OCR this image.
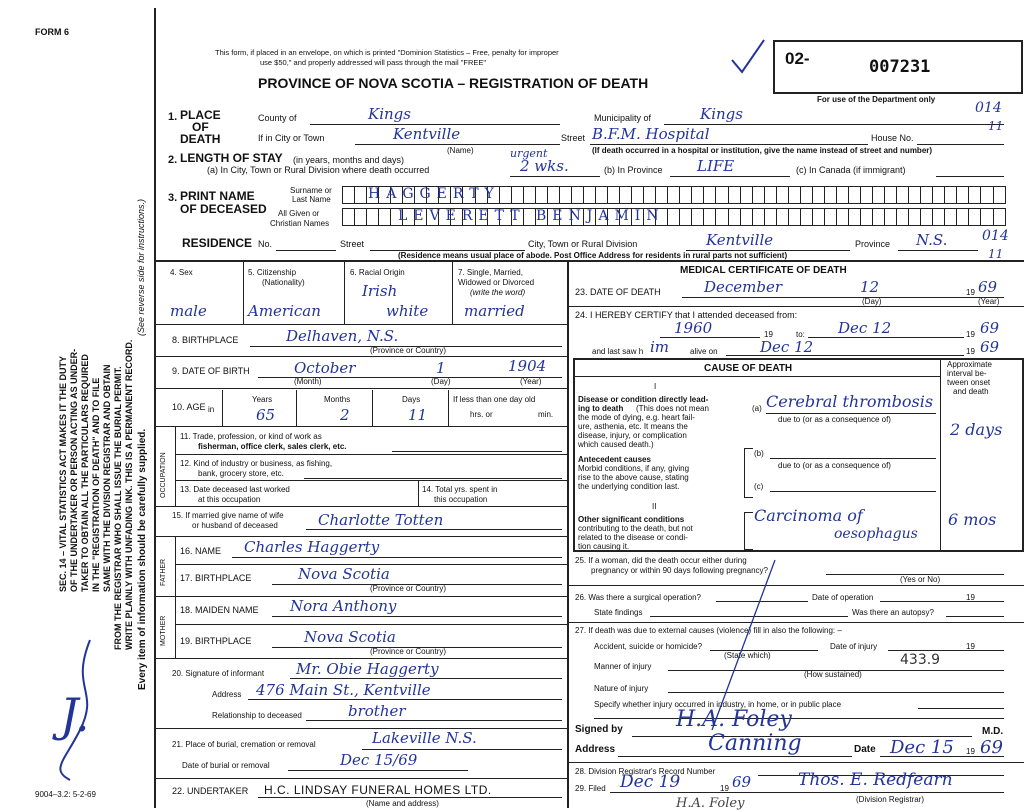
FORM 6
This form, if placed in an envelope, on which is printed "Dominion Statistics – Free, penalty for improper
use $50," and properly addressed will pass through the mail "FREE"
PROVINCE OF NOVA SCOTIA – REGISTRATION OF DEATH
02-	007231
For use of the Department only
014
11
1. PLACE
OF
DEATH
County of	Kings	Municipality of	Kings
If in City or Town	Kentville
(Name)
Street B.F.M. Hospital	House No.
(If death occurred in a hospital or institution, give the name instead of street and number)
2. LENGTH OF STAY (in years, months and days)
(a) In City, Town or Rural Division where death occurred
urgent
2 wks.	(b) In Province LIFE	(c) In Canada (if immigrant)
3. PRINT NAME
OF DECEASED
Surname or
Last Name
All Given or
Christian Names
HAGGERTY
LEVERETT BENJAMIN
RESIDENCE No.	Street	City, Town or Rural Division	Kentville	Province N.S. 014
11
(Residence means usual place of abode. Post Office Address for residents in rural parts not sufficient)
4. Sex
male
5. Citizenship
(Nationality)
American
6. Racial Origin
Irish
white
7. Single, Married,
Widowed or Divorced
(write the word)
married
8. BIRTHPLACE	Delhaven, N.S.
(Province or Country)
9. DATE OF BIRTH	October	1	1904
(Month)	(Day)	(Year)
10. AGE in
Years
65
Months
2
Days
11
If less than one day old
hrs. or	min.
OCCUPATION
11. Trade, profession, or kind of work as
fisherman, office clerk, sales clerk, etc.
12. Kind of industry or business, as fishing,
bank, grocery store, etc.
13. Date deceased last worked
at this occupation
14. Total yrs. spent in
this occupation
15. If married give name of wife
or husband of deceased	Charlotte Totten
FATHER
16. NAME Charles Haggerty
17. BIRTHPLACE	Nova Scotia
(Province or Country)
MOTHER
18. MAIDEN NAME Nora Anthony
19. BIRTHPLACE	Nova Scotia
(Province or Country)
20. Signature of informant Mr. Obie Haggerty
Address 476 Main St., Kentville
Relationship to deceased	brother
21. Place of burial, cremation or removal	Lakeville N.S.
Date of burial or removal	Dec 15/69
22. UNDERTAKER H.C. LINDSAY FUNERAL HOMES LTD.
(Name and address)
MEDICAL CERTIFICATE OF DEATH
23. DATE OF DEATH	December	12	19 69
(Day)	(Year)
24. I HEREBY CERTIFY that I attended deceased from:
1960	19	to: Dec 12	19 69
and last saw h im	alive on	Dec 12	19 69
CAUSE OF DEATH	Approximate
interval be-
tween onset
and death
I
Disease or condition directly lead-
ing to death (This does not mean
the mode of dying, e.g. heart fail-
ure, asthenia, etc. It means the
disease, injury, or complication
which caused death.)
(a) Cerebral thrombosis
due to (or as a consequence of)
2 days
Antecedent causes
Morbid conditions, if any, giving
rise to the above cause, stating
the underlying condition last.
(b)
due to (or as a consequence of)
(c)
II
Other significant conditions
contributing to the death, but not
related to the disease or condi-
tion causing it.
Carcinoma of
oesophagus
6 mos
25. If a woman, did the death occur either during
pregnancy or within 90 days following pregnancy?
(Yes or No)
26. Was there a surgical operation?	Date of operation	19
State findings	Was there an autopsy?
27. If death was due to external causes (violence) fill in also the following: –
Accident, suicide or homicide?
(State which)
Date of injury	19
Manner of injury	433.9
(How sustained)
Nature of injury
Specify whether injury occurred in industry, in home, or in public place
Signed by H.A. Foley	M.D.
Address	Canning	Date Dec 15 19 69
28. Division Registrar's Record Number
29. Filed Dec 19	19 69	Thos. E. Redfearn
(Division Registrar)
H.A. Foley
SEC. 14 – VITAL STATISTICS ACT MAKES IT THE DUTY OF THE UNDERTAKER OR PERSON ACTING AS UNDER- TAKER TO OBTAIN ALL THE PARTICULARS REQUIRED IN THE "REGISTRATION OF DEATH" AND TO FILE SAME WITH THE DIVISION REGISTRAR AND OBTAIN FROM THE REGISTRAR WHO SHALL ISSUE THE BURIAL PERMIT. WRITE PLAINLY WITH UNFADING INK. THIS IS A PERMANENT RECORD. Every item of information should be carefully supplied.
(See reverse side for instructions.)
J.
9004–3.2: 5-2-69
